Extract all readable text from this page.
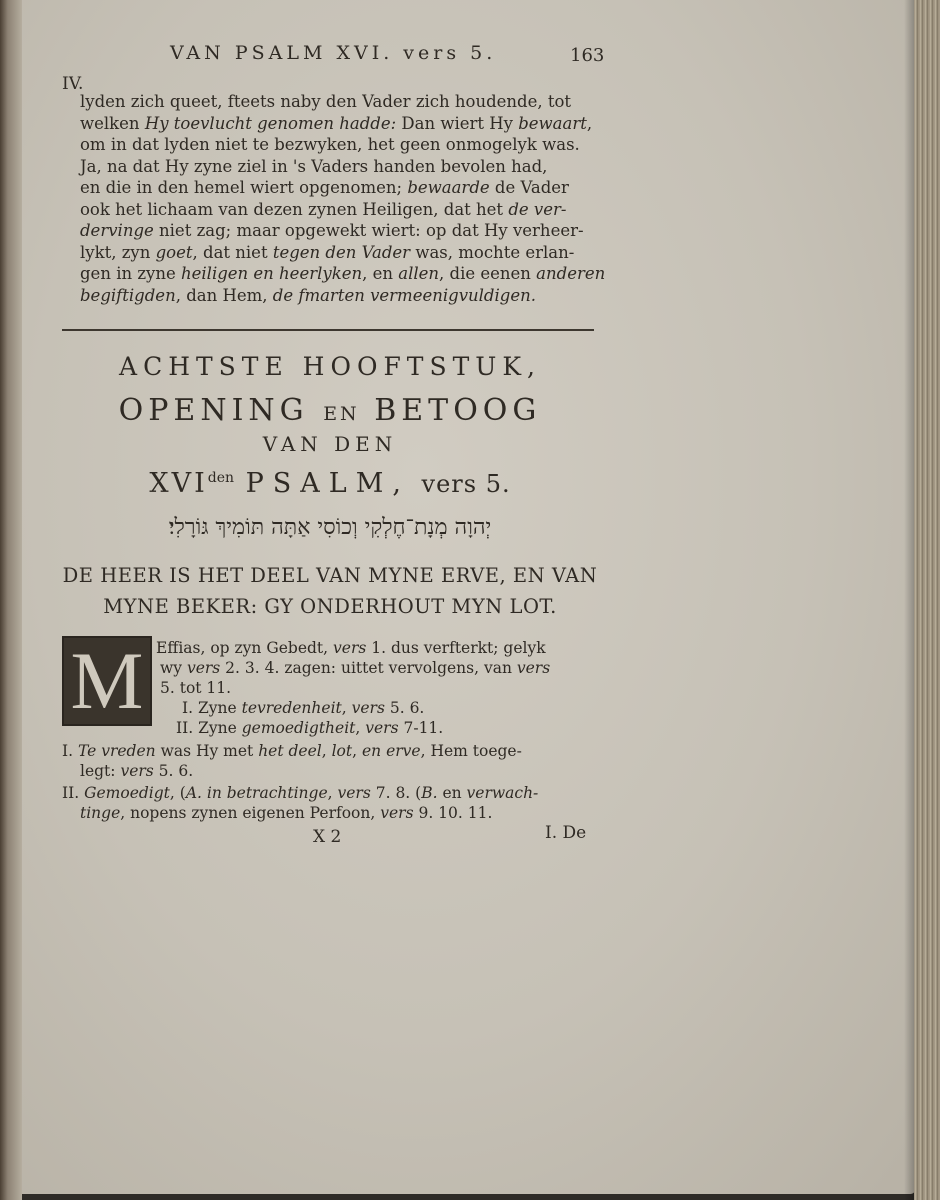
VAN PSALM XVI. vers 5.	163
IV.
lyden zich queet, fteets naby den Vader zich houdende, tot
welken Hy toevlucht genomen hadde: Dan wiert Hy bewaart,
om in dat lyden niet te bezwyken, het geen onmogelyk was.
Ja, na dat Hy zyne ziel in 's Vaders handen bevolen had,
en die in den hemel wiert opgenomen; bewaarde de Vader
ook het lichaam van dezen zynen Heiligen, dat het de ver-
dervinge niet zag; maar opgewekt wiert: op dat Hy verheer-
lykt, zyn goet, dat niet tegen den Vader was, mochte erlan-
gen in zyne heiligen en heerlyken, en allen, die eenen anderen
begiftigden, dan Hem, de fmarten vermeenigvuldigen.
ACHTSTE HOOFTSTUK,
OPENING EN BETOOG
VAN DEN
$XVI^{den}$ PSALM, vers 5.
יְהוָה מְנָת־חֶלְקִי וְכוֹסִי אַתָּה תּוֹמִיךְ גּוֹרָלִי׃
DE HEER IS HET DEEL VAN MYNE ERVE, EN VAN MYNE BEKER: GY ONDERHOUT MYN LOT.
M Effias, op zyn Gebedt, vers 1. dus verfterkt; gelyk
wy vers 2. 3. 4. zagen: uittet vervolgens, van vers
5. tot 11.
I. Zyne tevredenheit, vers 5. 6.
II. Zyne gemoedigtheit, vers 7-11.
I. Te vreden was Hy met het deel, lot, en erve, Hem toege-
legt: vers 5. 6.
II. Gemoedigt, (A. in betrachtinge, vers 7. 8. (B. en verwach-
tinge, nopens zynen eigenen Perfoon, vers 9. 10. 11.
X 2	I. De
